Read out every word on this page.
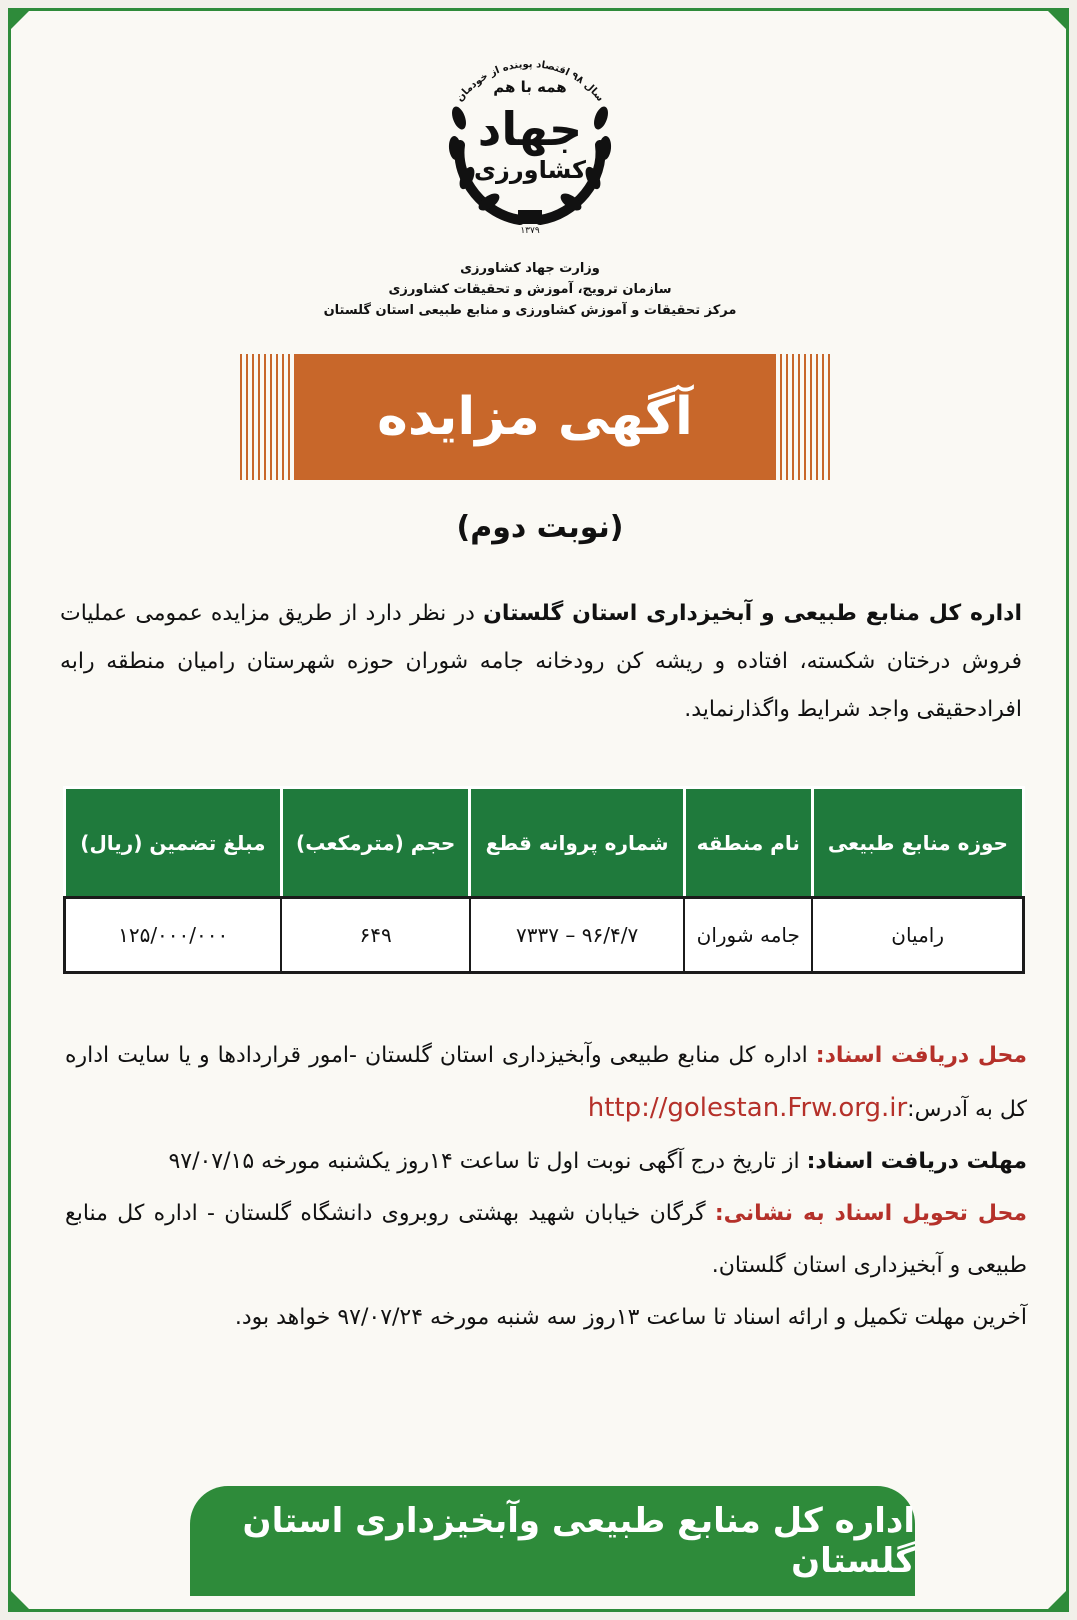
سال ۹۸ اقتصاد پوینده از خودمان
همه با هم
جهاد
کشاورزی
۱۳۷۹
وزارت جهاد کشاورزی
سازمان ترویج، آموزش و تحقیقات کشاورزی
مرکز تحقیقات و آموزش کشاورزی و منابع طبیعی استان گلستان
آگهی مزایده
(نوبت دوم)
اداره کل منابع طبیعی و آبخیزداری استان گلستان در نظر دارد از طریق مزایده عمومی عملیات فروش درختان شکسته، افتاده و ریشه کن رودخانه جامه شوران حوزه شهرستان رامیان منطقه رابه افرادحقیقی واجد شرایط واگذارنماید.
حوزه منابع طبیعی	نام منطقه	شماره پروانه قطع	حجم (مترمکعب)	مبلغ تضمین (ریال)
رامیان	جامه شوران	۹۶/۴/۷ – ۷۳۳۷	۶۴۹	۱۲۵/۰۰۰/۰۰۰

محل دریافت اسناد: اداره کل منابع طبیعی وآبخیزداری استان گلستان -امور قراردادها و یا سایت اداره کل به آدرس:http://golestan.Frw.org.ir

مهلت دریافت اسناد: از تاریخ درج آگهی نوبت اول تا ساعت ۱۴روز یکشنبه مورخه ۹۷/۰۷/۱۵

محل تحویل اسناد به نشانی: گرگان خیابان شهید بهشتی روبروی دانشگاه گلستان - اداره کل منابع طبیعی و آبخیزداری استان گلستان.

آخرین مهلت تکمیل و ارائه اسناد تا ساعت ۱۳روز سه شنبه مورخه ۹۷/۰۷/۲۴ خواهد بود.

اداره کل منابع طبیعی وآبخیزداری استان گلستان
